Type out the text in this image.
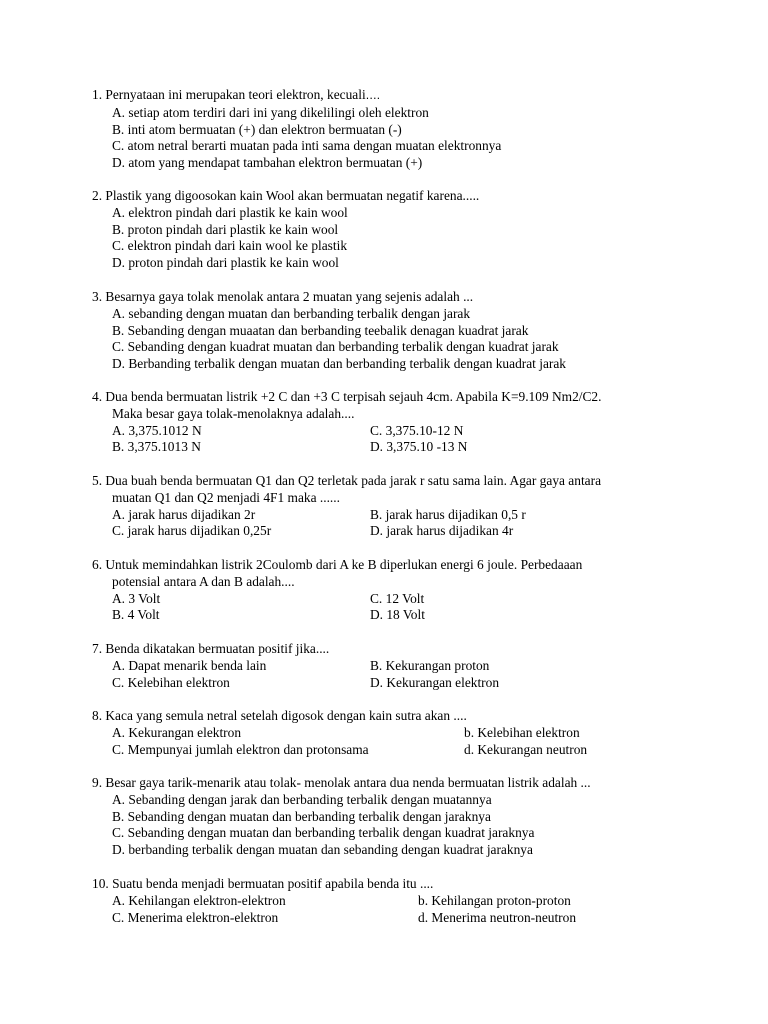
1. Pernyataan ini merupakan teori elektron, kecuali….
A. setiap atom terdiri dari ini yang dikelilingi oleh elektron
B. inti atom bermuatan (+) dan elektron bermuatan (-)
C. atom netral berarti muatan pada inti sama dengan muatan elektronnya
D. atom yang mendapat tambahan elektron bermuatan (+)
2. Plastik yang digoosokan kain Wool akan bermuatan negatif karena.....
A. elektron pindah dari plastik ke kain wool
B. proton pindah dari plastik ke kain wool
C. elektron pindah dari kain wool ke plastik
D. proton pindah dari plastik ke kain wool
3. Besarnya gaya tolak menolak antara 2 muatan yang sejenis adalah ...
A. sebanding dengan muatan dan berbanding terbalik dengan jarak
B. Sebanding dengan muaatan dan berbanding teebalik denagan kuadrat jarak
C. Sebanding dengan kuadrat muatan dan berbanding terbalik dengan kuadrat jarak
D. Berbanding terbalik dengan muatan dan berbanding terbalik dengan kuadrat jarak
4. Dua benda bermuatan listrik +2 C dan +3 C terpisah sejauh 4cm. Apabila K=9.109 Nm2/C2.
Maka besar gaya tolak-menolaknya adalah....
A. 3,375.1012 N	C. 3,375.10-12 N
B. 3,375.1013 N	D. 3,375.10 -13 N
5. Dua buah benda bermuatan Q1 dan Q2 terletak pada jarak r satu sama lain. Agar gaya antara
muatan Q1 dan Q2 menjadi 4F1 maka ......
A. jarak harus dijadikan 2r	B. jarak harus dijadikan 0,5 r
C. jarak harus dijadikan 0,25r	D. jarak harus dijadikan 4r
6. Untuk memindahkan listrik 2Coulomb dari A ke B diperlukan energi 6 joule. Perbedaaan
potensial antara A dan B adalah....
A. 3 Volt	C. 12 Volt
B. 4 Volt	D. 18 Volt
7. Benda dikatakan bermuatan positif jika....
A. Dapat menarik benda lain	B. Kekurangan proton
C. Kelebihan elektron	D. Kekurangan elektron
8. Kaca yang semula netral setelah digosok dengan kain sutra akan ....
A. Kekurangan elektron	b. Kelebihan elektron
C. Mempunyai jumlah elektron dan protonsama	d. Kekurangan neutron
9. Besar gaya tarik-menarik atau tolak- menolak antara dua nenda bermuatan listrik adalah ...
A. Sebanding dengan jarak dan berbanding terbalik dengan muatannya
B. Sebanding dengan muatan dan berbanding terbalik dengan jaraknya
C. Sebanding dengan muatan dan berbanding terbalik dengan kuadrat jaraknya
D. berbanding terbalik dengan muatan dan sebanding dengan kuadrat jaraknya
10. Suatu benda menjadi bermuatan positif apabila benda itu ....
A. Kehilangan elektron-elektron	b. Kehilangan proton-proton
C. Menerima elektron-elektron	d. Menerima neutron-neutron
